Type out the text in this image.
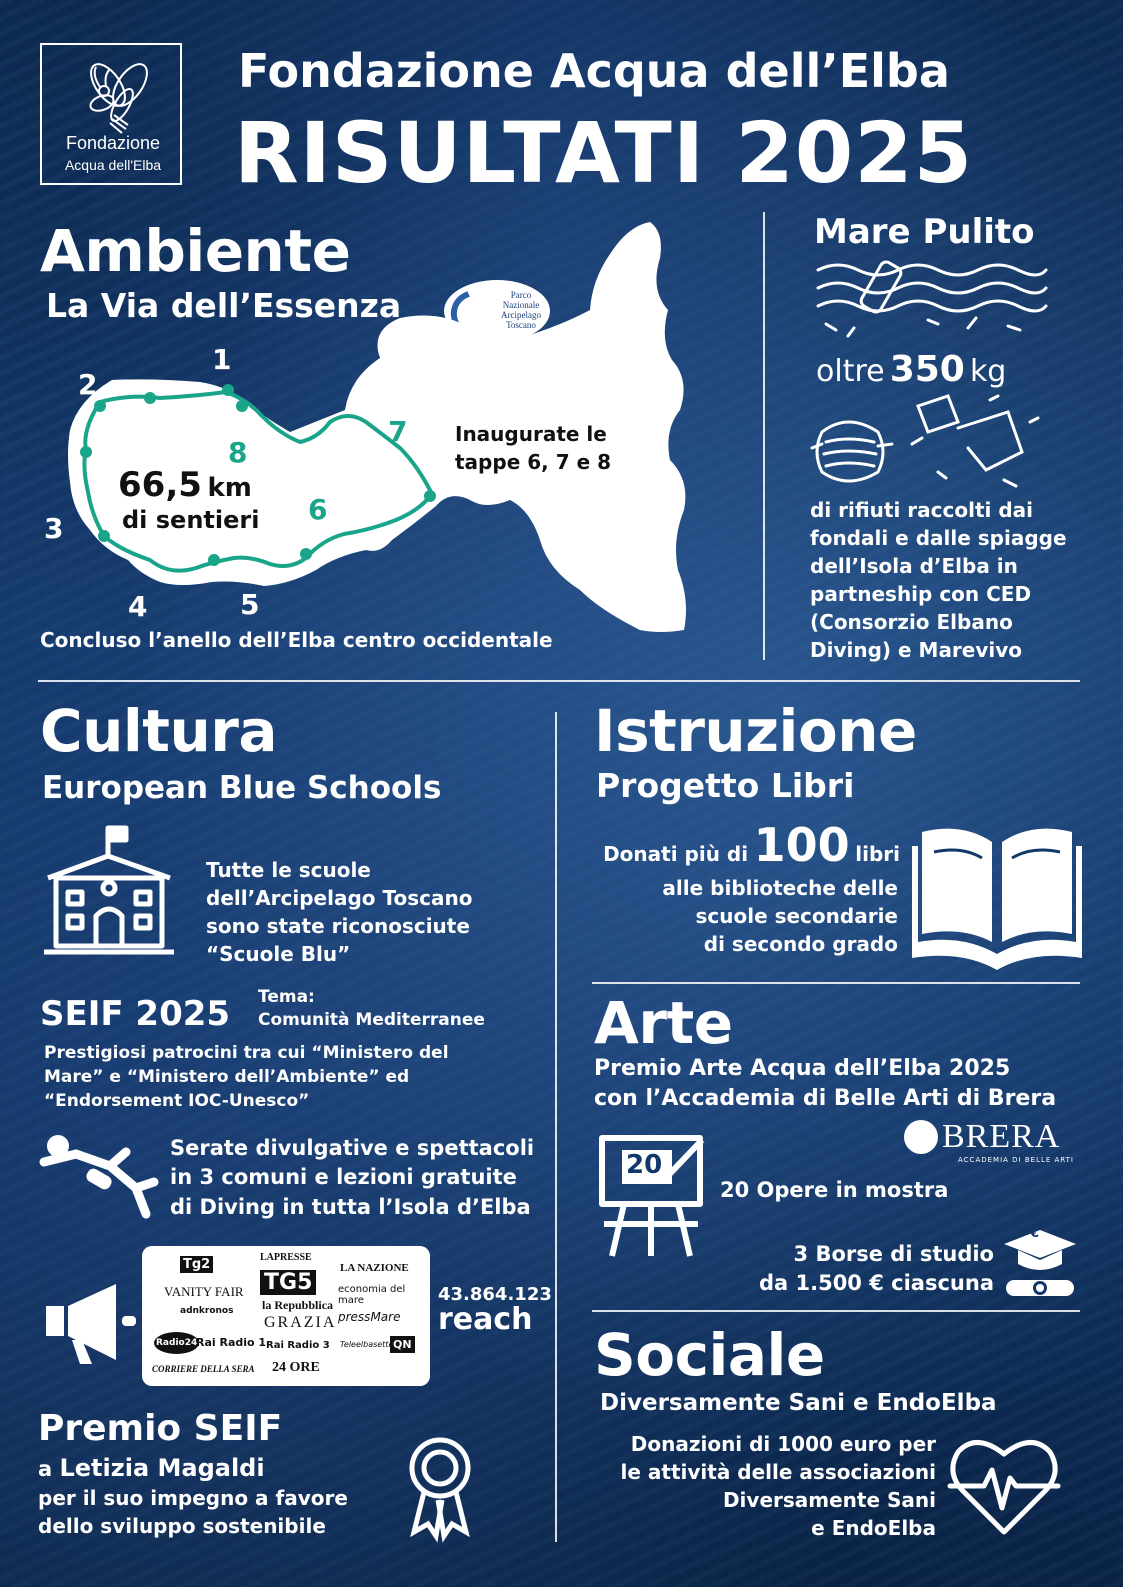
Fondazione
Acqua dell'Elba
Fondazione Acqua dell’Elba
RISULTATI 2025
Ambiente
La Via dell’Essenza	Parco
Nazionale
Arcipelago
Toscano
1
2
3
4	5
6
7
8
66,5 km
di sentieri
Inaugurate le
tappe 6, 7 e 8
Concluso l’anello dell’Elba centro occidentale
Mare Pulito
oltre 350 kg
di rifiuti raccolti dai
fondali e dalle spiagge
dell’Isola d’Elba in
partneship con CED
(Consorzio Elbano
Diving) e Marevivo
Cultura
European Blue Schools
Tutte le scuole
dell’Arcipelago Toscano
sono state riconosciute
“Scuole Blu”
SEIF 2025 Tema:
Comunità Mediterranee
Prestigiosi patrocini tra cui “Ministero del
Mare” e “Ministero dell’Ambiente” ed
“Endorsement IOC-Unesco”
Serate divulgative e spettacoli
in 3 comuni e lezioni gratuite
di Diving in tutta l’Isola d’Elba
Tg2	LAPRESSE
LA NAZIONE
VANITY FAIR TG5	economia del mare
adnkronos la Repubblica
pressMare
GRAZIA
Radio24
Rai Radio 1 Rai Radio 3	QN
Teleelbasette
CORRIERE DELLA SERA 24 ORE
43.864.123
reach
Premio SEIF
a Letizia Magaldi
per il suo impegno a favore
dello sviluppo sostenibile
Istruzione
Progetto Libri
Donati più di 100 libri
alle biblioteche delle
scuole secondarie
di secondo grado
Arte
Premio Arte Acqua dell’Elba 2025
con l’Accademia di Belle Arti di Brera
BRERA
ACCADEMIA DI BELLE ARTI
20
20 Opere in mostra
3 Borse di studio
da 1.500 € ciascuna
€
Sociale
Diversamente Sani e EndoElba
Donazioni di 1000 euro per
le attività delle associazioni
Diversamente Sani
e EndoElba
